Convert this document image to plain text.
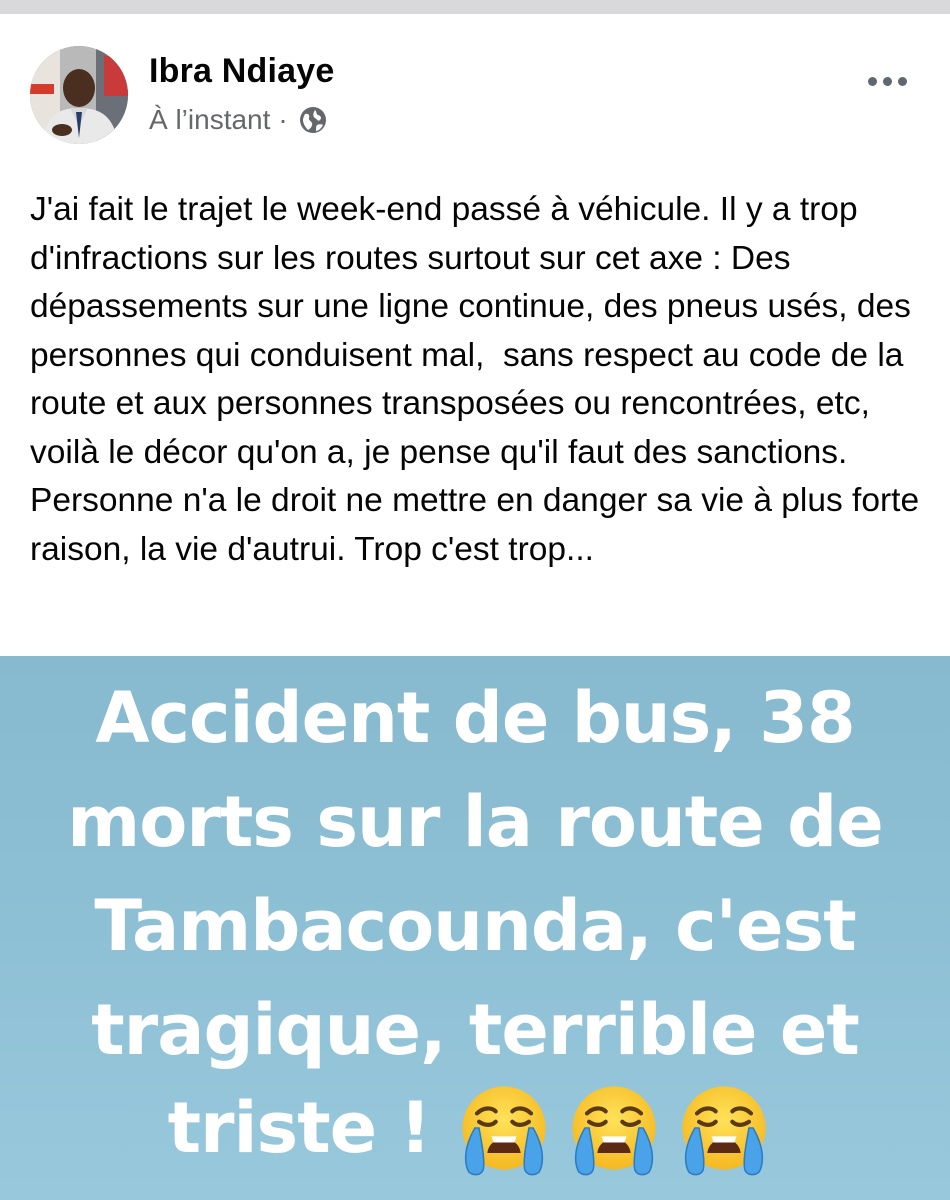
Ibra Ndiaye
À l’instant ·
J'ai fait le trajet le week-end passé à véhicule. Il y a trop d'infractions sur les routes surtout sur cet axe : Des dépassements sur une ligne continue, des pneus usés, des personnes qui conduisent mal,  sans respect au code de la route et aux personnes transposées ou rencontrées, etc, voilà le décor qu'on a, je pense qu'il faut des sanctions. Personne n'a le droit ne mettre en danger sa vie à plus forte raison, la vie d'autrui. Trop c'est trop...
Accident de bus, 38
morts sur la route de
Tambacounda, c'est
tragique, terrible et
triste !
